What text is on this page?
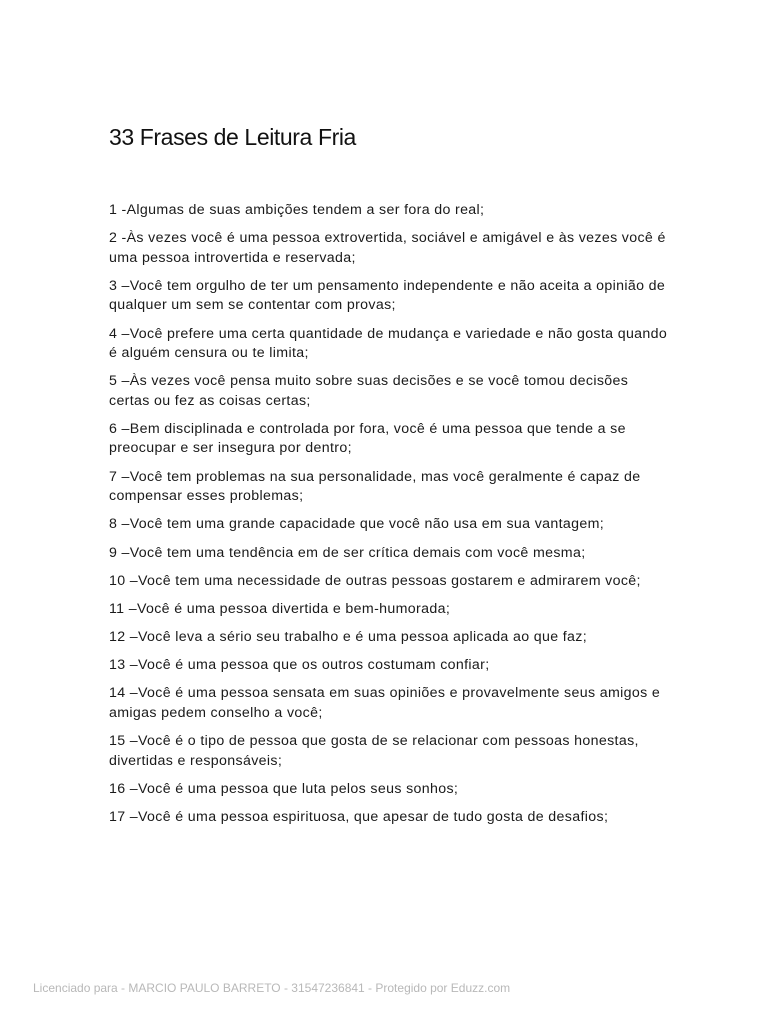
33 Frases de Leitura Fria
1 -Algumas de suas ambições tendem a ser fora do real;
2 -Às vezes você é uma pessoa extrovertida, sociável e amigável e às vezes você é uma pessoa introvertida e reservada;
3 –Você tem orgulho de ter um pensamento independente e não aceita a opinião de qualquer um sem se contentar com provas;
4 –Você prefere uma certa quantidade de mudança e variedade e não gosta quando é alguém censura ou te limita;
5 –Às vezes você pensa muito sobre suas decisões e se você tomou decisões certas ou fez as coisas certas;
6 –Bem disciplinada e controlada por fora, você é uma pessoa que tende a se preocupar e ser insegura por dentro;
7 –Você tem problemas na sua personalidade, mas você geralmente é capaz de compensar esses problemas;
8 –Você tem uma grande capacidade que você não usa em sua vantagem;
9 –Você tem uma tendência em de ser crítica demais com você mesma;
10 –Você tem uma necessidade de outras pessoas gostarem e admirarem você;
11 –Você é uma pessoa divertida e bem-humorada;
12 –Você leva a sério seu trabalho e é uma pessoa aplicada ao que faz;
13 –Você é uma pessoa que os outros costumam confiar;
14 –Você é uma pessoa sensata em suas opiniões e provavelmente seus amigos e amigas pedem conselho a você;
15 –Você é o tipo de pessoa que gosta de se relacionar com pessoas honestas, divertidas e responsáveis;
16 –Você é uma pessoa que luta pelos seus sonhos;
17 –Você é uma pessoa espirituosa, que apesar de tudo gosta de desafios;
Licenciado para - MARCIO PAULO BARRETO - 31547236841 - Protegido por Eduzz.com
